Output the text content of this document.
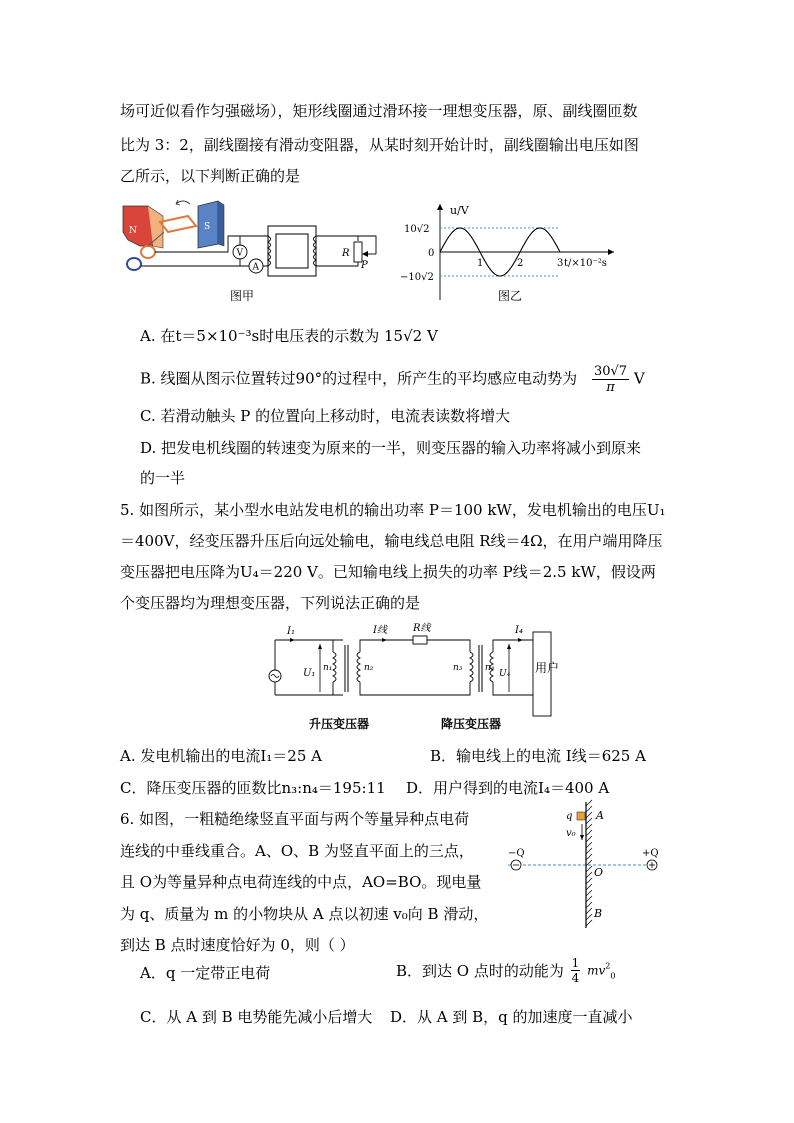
场可近似看作匀强磁场），矩形线圈通过滑环接一理想变压器，原、副线圈匝数
比为 3：2，副线圈接有滑动变阻器，从某时刻开始计时，副线圈输出电压如图
乙所示，以下判断正确的是
N	S
V
A
R
P
图甲
1	2	3
u/V
10√2
0
−10√2
t/×10⁻²s
图乙
A. 在t＝5×10⁻³s时电压表的示数为 15√2 V
B. 线圈从图示位置转过90°的过程中，所产生的平均感应电动势为 $\frac{30√7}{\pi}$ V
C. 若滑动触头 P 的位置向上移动时，电流表读数将增大
D. 把发电机线圈的转速变为原来的一半，则变压器的输入功率将减小到原来
的一半
5. 如图所示，某小型水电站发电机的输出功率 P＝100 kW，发电机输出的电压U₁
＝400V，经变压器升压后向远处输电，输电线总电阻 R线＝4Ω，在用户端用降压
变压器把电压降为U₄＝220 V。已知输电线上损失的功率 P线＝2.5 kW，假设两
个变压器均为理想变压器，下列说法正确的是
I₁
U₁ n₁	n₂
I线	R线
n₃	n₄
I₄
U₄ 用户
升压变压器	降压变压器
A. 发电机输出的电流I₁＝25 A	B．输电线上的电流 I线＝625 A
C．降压变压器的匝数比n₃:n₄＝195:11 D．用户得到的电流I₄＝400 A
6. 如图，一粗糙绝缘竖直平面与两个等量异种点电荷
连线的中垂线重合。A、O、B 为竖直平面上的三点，
且 O为等量异种点电荷连线的中点，AO=BO。现电量
为 q、质量为 m 的小物块从 A 点以初速 v₀向 B 滑动，
到达 B 点时速度恰好为 0，则（ ）
q
v₀
A
O
B
−Q	+Q
A．q 一定带正电荷	B．到达 O 点时的动能为 $\frac{1}{4} mv^2_0$
C．从 A 到 B 电势能先减小后增大 D．从 A 到 B，q 的加速度一直减小
